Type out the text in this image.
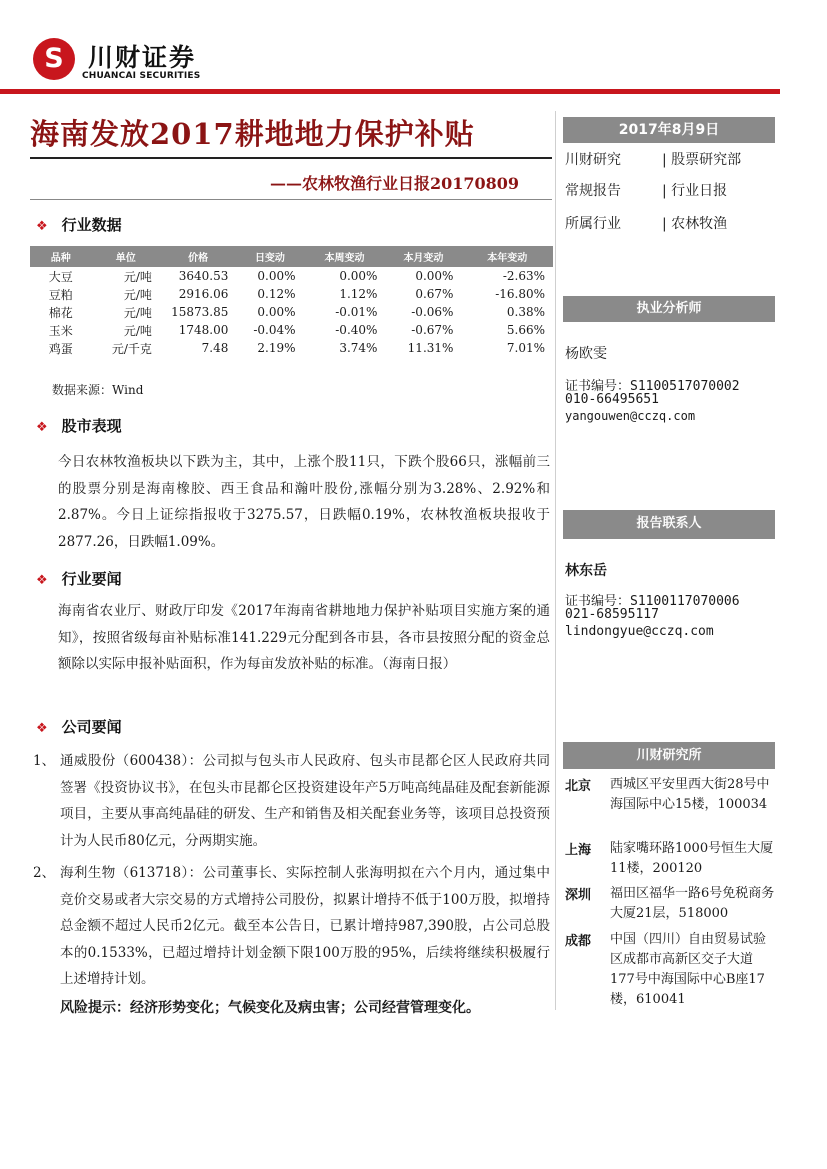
S 川财证券
CHUANCAI SECURITIES
海南发放2017耕地地力保护补贴
——农林牧渔行业日报20170809
❖ 行业数据
品种	单位	价格	日变动	本周变动	本月变动	本年变动
大豆	元/吨	3640.53	0.00%	0.00%	0.00%	-2.63%
豆粕	元/吨	2916.06	0.12%	1.12%	0.67%	-16.80%
棉花	元/吨	15873.85	0.00%	-0.01%	-0.06%	0.38%
玉米	元/吨	1748.00	-0.04%	-0.40%	-0.67%	5.66%
鸡蛋	元/千克	7.48	2.19%	3.74%	11.31%	7.01%
数据来源：Wind
❖ 股市表现
今日农林牧渔板块以下跌为主，其中，上涨个股11只，下跌个股66只，涨幅前三的股票分别是海南橡胶、西王食品和瀚叶股份,涨幅分别为3.28%、2.92%和2.87%。今日上证综指报收于3275.57，日跌幅0.19%，农林牧渔板块报收于2877.26，日跌幅1.09%。
❖ 行业要闻
海南省农业厅、财政厅印发《2017年海南省耕地地力保护补贴项目实施方案的通知》，按照省级每亩补贴标准141.229元分配到各市县，各市县按照分配的资金总额除以实际申报补贴面积，作为每亩发放补贴的标准。（海南日报）
❖ 公司要闻
1、 通威股份（600438）：公司拟与包头市人民政府、包头市昆都仑区人民政府共同签署《投资协议书》，在包头市昆都仑区投资建设年产5万吨高纯晶硅及配套新能源项目，主要从事高纯晶硅的研发、生产和销售及相关配套业务等，该项目总投资预计为人民币80亿元，分两期实施。
2、 海利生物（613718）：公司董事长、实际控制人张海明拟在六个月内，通过集中竞价交易或者大宗交易的方式增持公司股份，拟累计增持不低于100万股，拟增持总金额不超过人民币2亿元。截至本公告日，已累计增持987,390股，占公司总股本的0.1533%，已超过增持计划金额下限100万股的95%，后续将继续积极履行上述增持计划。
风险提示：经济形势变化；气候变化及病虫害；公司经营管理变化。
2017年8月9日
川财研究	| 股票研究部
常规报告	| 行业日报
所属行业	| 农林牧渔
执业分析师
杨欧雯
证书编号：S1100517070002
010-66495651
yangouwen@cczq.com
报告联系人
林东岳
证书编号：S1100117070006
021-68595117
lindongyue@cczq.com
川财研究所
北京 西城区平安里西大街28号中海国际中心15楼，100034
上海 陆家嘴环路1000号恒生大厦11楼，200120
深圳 福田区福华一路6号免税商务大厦21层，518000
成都 中国（四川）自由贸易试验区成都市高新区交子大道177号中海国际中心B座17楼，610041
